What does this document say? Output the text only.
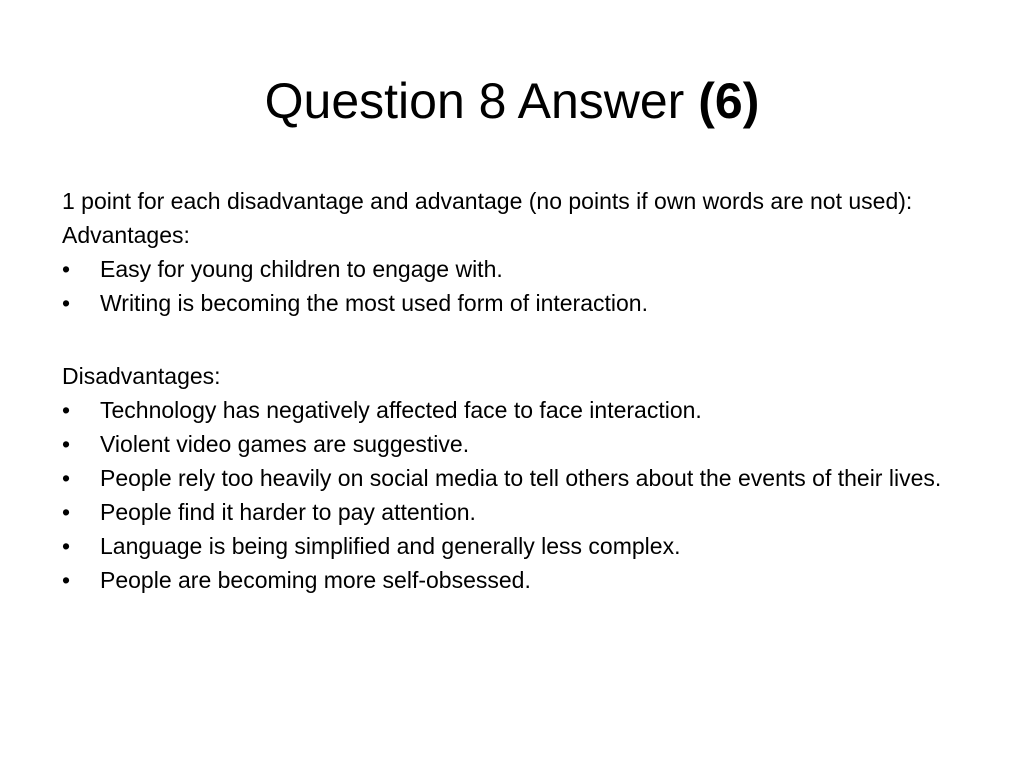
Question 8 Answer (6)

1 point for each disadvantage and advantage (no points if own words are not used):

Advantages:

• Easy for young children to engage with.
• Writing is becoming the most used form of interaction.

Disadvantages:

• Technology has negatively affected face to face interaction.
• Violent video games are suggestive.
• People rely too heavily on social media to tell others about the events of their lives.
• People find it harder to pay attention.
• Language is being simplified and generally less complex.
• People are becoming more self-obsessed.
